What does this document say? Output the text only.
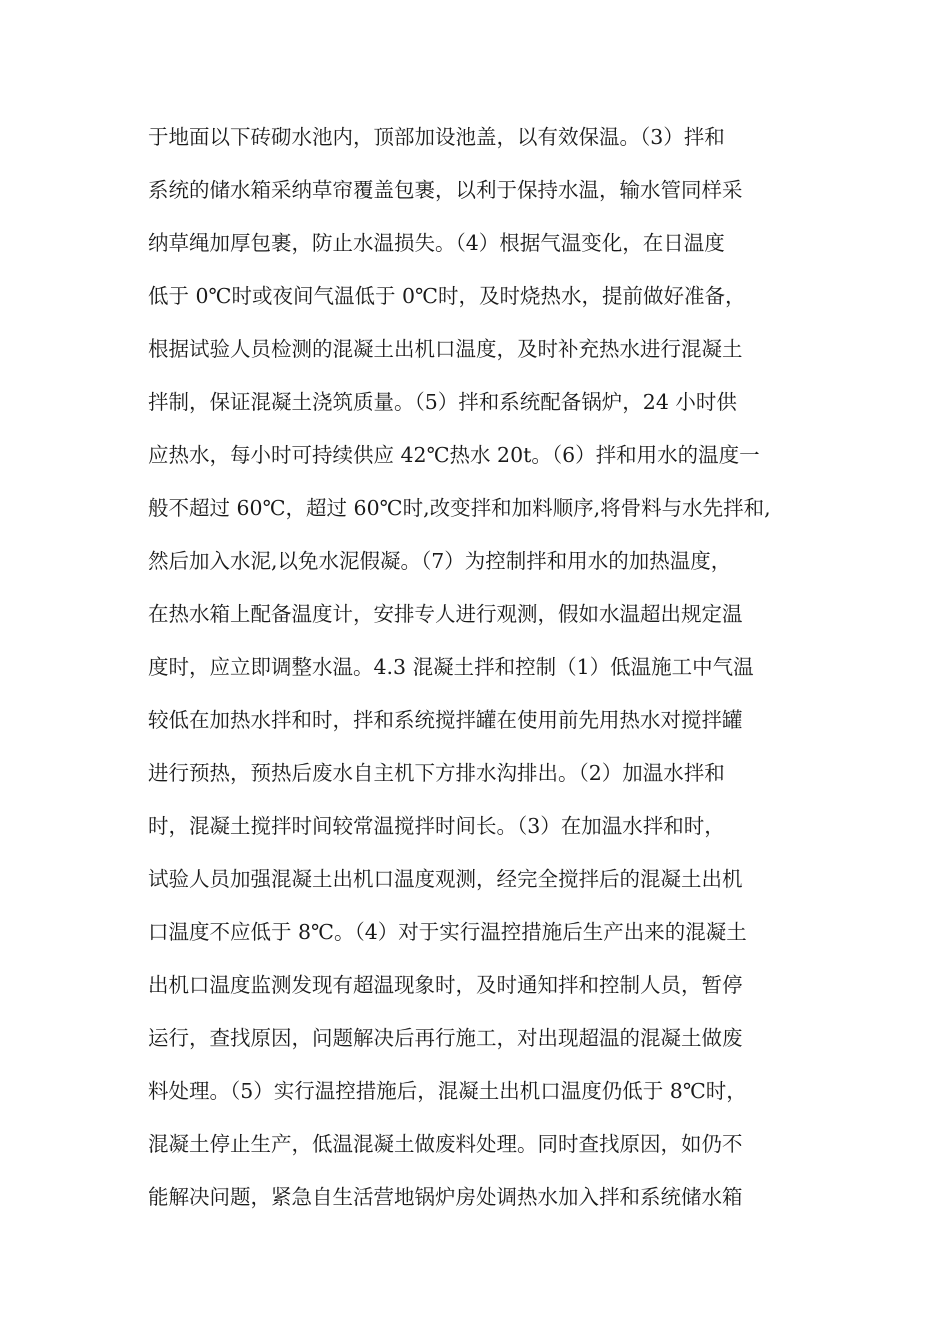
于地面以下砖砌水池内，顶部加设池盖，以有效保温。（3）拌和
系统的储水箱采纳草帘覆盖包裹，以利于保持水温，输水管同样采
纳草绳加厚包裹，防止水温损失。（4）根据气温变化，在日温度
低于 0℃时或夜间气温低于 0℃时，及时烧热水，提前做好准备，
根据试验人员检测的混凝土出机口温度，及时补充热水进行混凝土
拌制，保证混凝土浇筑质量。（5）拌和系统配备锅炉，24 小时供
应热水，每小时可持续供应 42℃热水 20t。（6）拌和用水的温度一
般不超过 60℃，超过 60℃时,改变拌和加料顺序,将骨料与水先拌和,
然后加入水泥,以免水泥假凝。（7）为控制拌和用水的加热温度，
在热水箱上配备温度计，安排专人进行观测，假如水温超出规定温
度时，应立即调整水温。4.3 混凝土拌和控制（1）低温施工中气温
较低在加热水拌和时，拌和系统搅拌罐在使用前先用热水对搅拌罐
进行预热，预热后废水自主机下方排水沟排出。（2）加温水拌和
时，混凝土搅拌时间较常温搅拌时间长。（3）在加温水拌和时，
试验人员加强混凝土出机口温度观测，经完全搅拌后的混凝土出机
口温度不应低于 8℃。（4）对于实行温控措施后生产出来的混凝土
出机口温度监测发现有超温现象时，及时通知拌和控制人员，暂停
运行，查找原因，问题解决后再行施工，对出现超温的混凝土做废
料处理。（5）实行温控措施后，混凝土出机口温度仍低于 8℃时，
混凝土停止生产，低温混凝土做废料处理。同时查找原因，如仍不
能解决问题，紧急自生活营地锅炉房处调热水加入拌和系统储水箱
